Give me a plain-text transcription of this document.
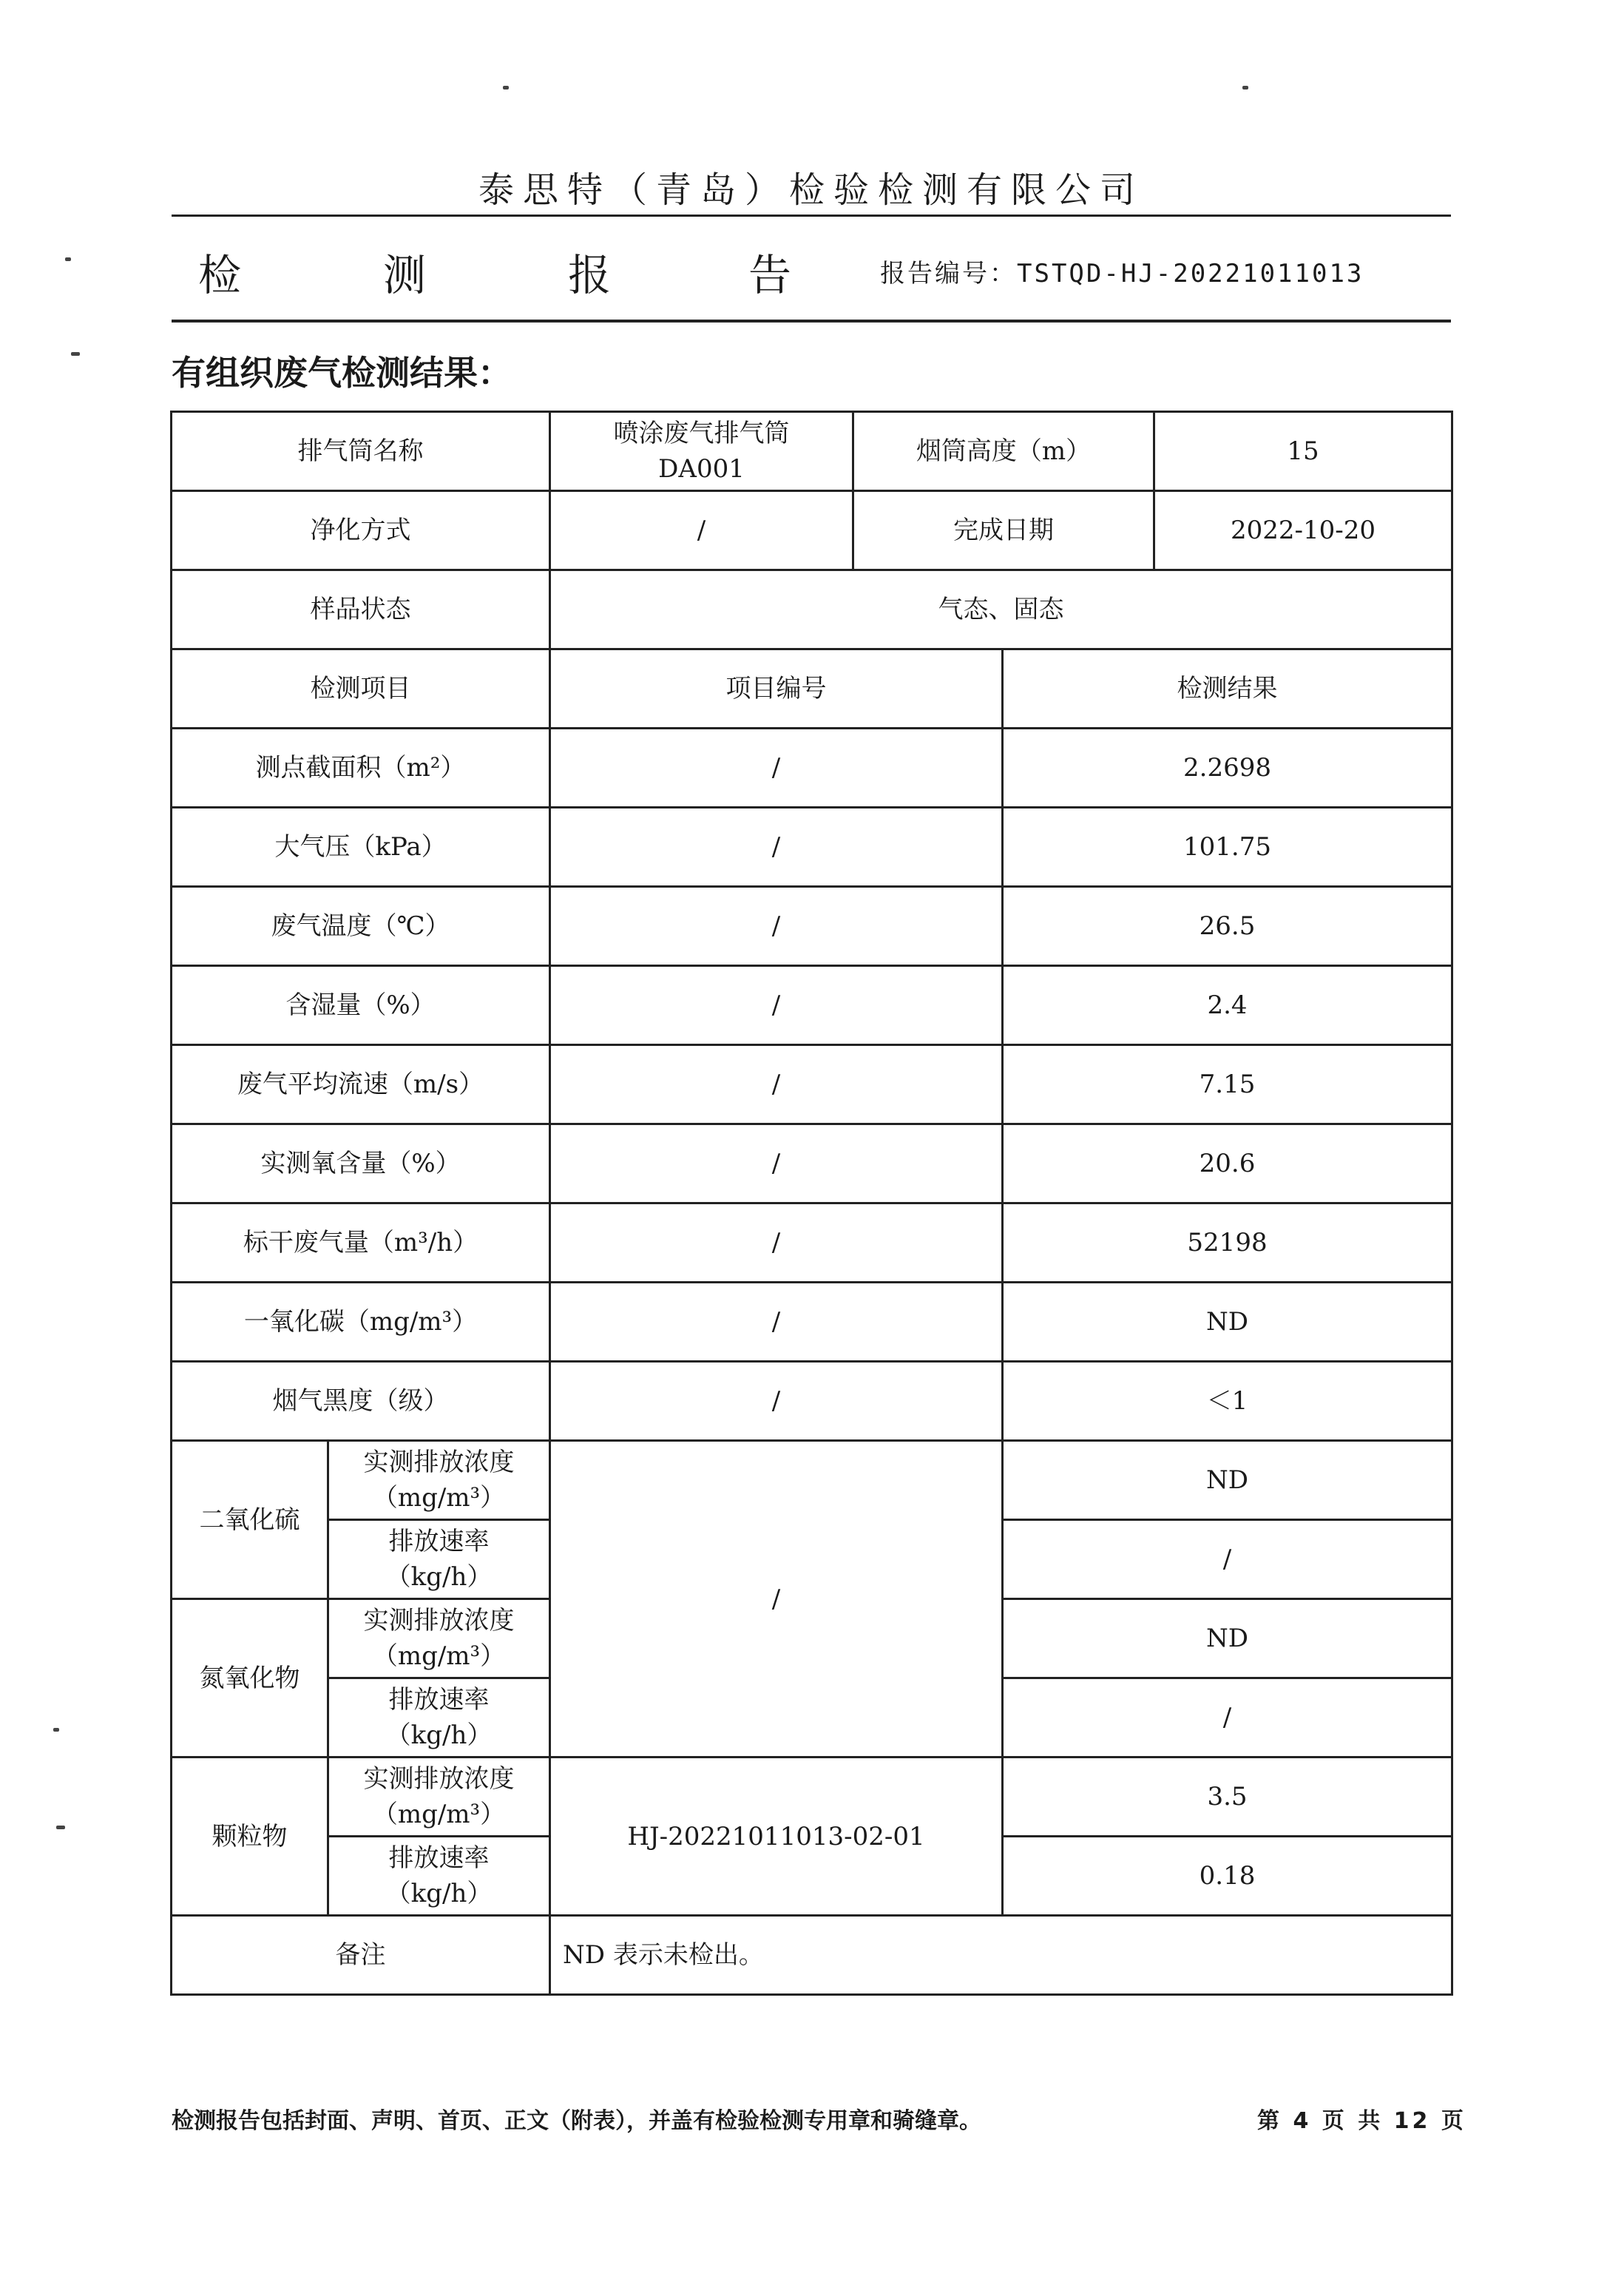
泰思特（青岛）检验检测有限公司
检	测	报	告	报告编号：TSTQD-HJ-20221011013
有组织废气检测结果：
排气筒名称		喷涂废气排气筒 DA001	烟筒高度（m） 15	

净化方式		/	完成日期 2022-10-20	

样品状态		气态、固态		
检测项目		项目编号		检测结果
测点截面积（m²）		/		2.2698
大气压（kPa）		/		101.75
废气温度（℃）		/		26.5
含湿量（%）		/		2.4
废气平均流速（m/s）		/		7.15
实测氧含量（%）		/		20.6
标干废气量（m³/h）		/		52198
一氧化碳（mg/m³）		/		ND
烟气黑度（级）		/		＜1
二氧化硫	实测排放浓度（mg/m³）	/		ND

	排放速率（kg/h）			/
氮氧化物	实测排放浓度（mg/m³）			ND

	排放速率（kg/h）			/
颗粒物	实测排放浓度（mg/m³）	HJ-20221011013-02-01		3.5

	排放速率（kg/h）			0.18
备注		ND 表示未检出。		
检测报告包括封面、声明、首页、正文（附表），并盖有检验检测专用章和骑缝章。	第 4 页 共 12 页
